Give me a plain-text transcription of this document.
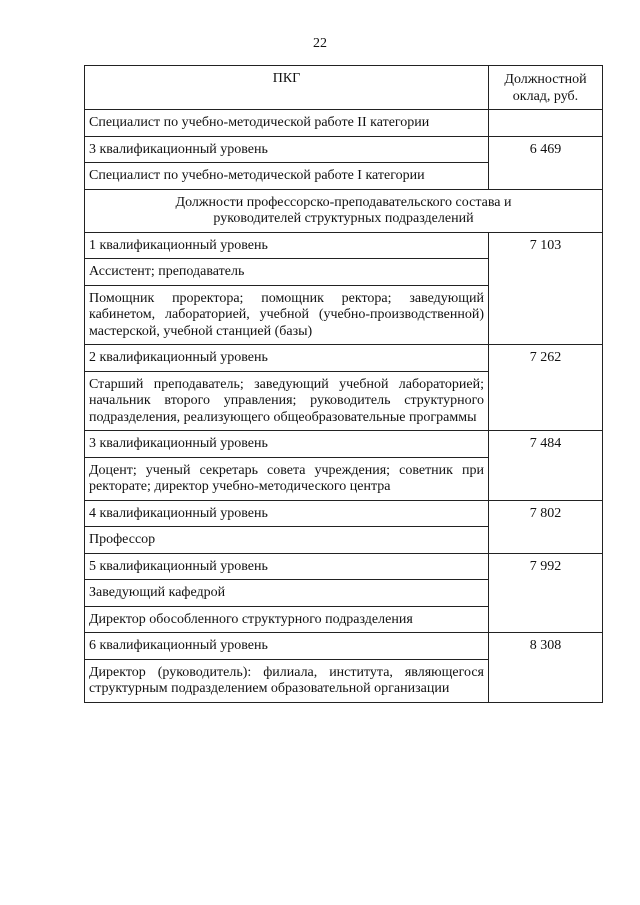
22
ПКГ	Должностной оклад, руб.
Специалист по учебно-методической работе II категории	
3 квалификационный уровень	6 469
Специалист по учебно-методической работе I категории	
Должности профессорско-преподавательского состава и руководителей структурных подразделений	
1 квалификационный уровень	7 103
Ассистент; преподаватель	
Помощник проректора; помощник ректора; заведующий кабинетом, лабораторией, учебной (учебно-производственной) мастерской, учебной станцией (базы)	
2 квалификационный уровень	7 262
Старший преподаватель; заведующий учебной лабораторией; начальник второго управления; руководитель структурного подразделения, реализующего общеобразовательные программы	
3 квалификационный уровень	7 484
Доцент; ученый секретарь совета учреждения; советник при ректорате; директор учебно-методического центра	
4 квалификационный уровень	7 802
Профессор	
5 квалификационный уровень	7 992
Заведующий кафедрой	
Директор обособленного структурного подразделения	
6 квалификационный уровень	8 308
Директор (руководитель): филиала, института, являющегося структурным подразделением образовательной организации	
